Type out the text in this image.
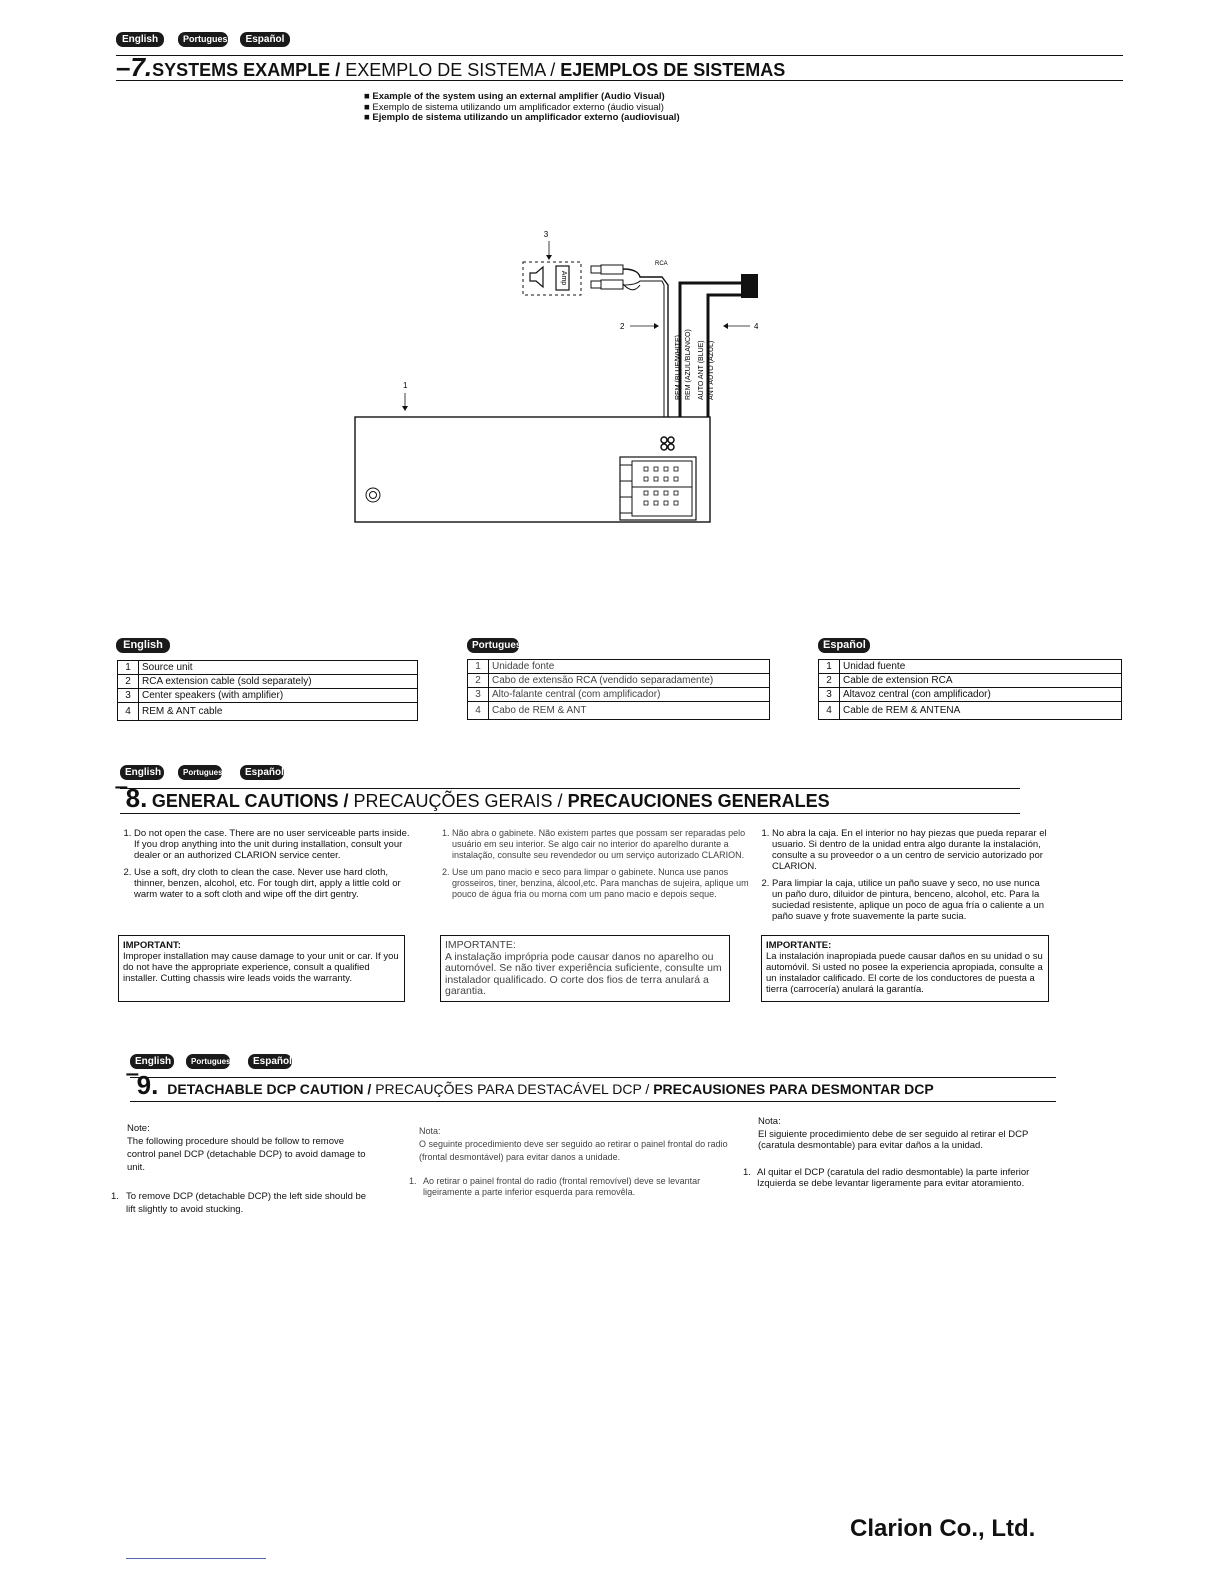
English	Portugues	Español
–7.SYSTEMS EXAMPLE / EXEMPLO DE SISTEMA / EJEMPLOS DE SISTEMAS
■ Example of the system using an external amplifier (Audio Visual)
■ Exemplo de sistema utilizando um amplificador externo (áudio visual)
■ Ejemplo de sistema utilizando un amplificador externo (audiovisual)
3
Amp
RCA
REM (BLUE/WHITE) REM (AZUL/BLANCO) AUTO ANT (BLUE) ANT AUTO (AZUL)
2	4
1
English	Portugues	Español
1	Source unit
2	RCA extension cable (sold separately)
3	Center speakers (with amplifier)
4	REM & ANT cable
1	Unidade fonte
2	Cabo de extensão RCA (vendido separadamente)
3	Alto-falante central (com amplificador)
4	Cabo de REM & ANT
1	Unidad fuente
2	Cable de extension RCA
3	Altavoz central (con amplificador)
4	Cable de REM & ANTENA
English	Portugues	Español
‾8. GENERAL CAUTIONS / PRECAUÇÕES GERAIS / PRECAUCIONES GENERALES
1. Do not open the case. There are no user serviceable parts inside. If you drop anything into the unit during installation, consult your dealer or an authorized CLARION service center.
2. Use a soft, dry cloth to clean the case. Never use hard cloth, thinner, benzen, alcohol, etc. For tough dirt, apply a little cold or warm water to a soft cloth and wipe off the dirt gentry.
1. Não abra o gabinete. Não existem partes que possam ser reparadas pelo usuário em seu interior. Se algo cair no interior do aparelho durante a instalação, consulte seu revendedor ou um serviço autorizado CLARION.
2. Use um pano macio e seco para limpar o gabinete. Nunca use panos grosseiros, tiner, benzina, álcool,etc. Para manchas de sujeira, aplique um pouco de água fria ou morna com um pano macio e depois seque.
1. No abra la caja. En el interior no hay piezas que pueda reparar el usuario. Si dentro de la unidad entra algo durante la instalación, consulte a su proveedor o a un centro de servicio autorizado por CLARION.
2. Para limpiar la caja, utilice un paño suave y seco, no use nunca un paño duro, diluidor de pintura, benceno, alcohol, etc. Para la suciedad resistente, aplique un poco de agua fría o caliente a un paño suave y frote suavemente la parte sucia.
IMPORTANT:
Improper installation may cause damage to your unit or car. If you do not have the appropriate experience, consult a qualified installer. Cutting chassis wire leads voids the warranty.
IMPORTANTE:
A instalação imprópria pode causar danos no aparelho ou automóvel. Se não tiver experiência suficiente, consulte um instalador qualificado. O corte dos fios de terra anulará a garantia.
IMPORTANTE:
La instalación inapropiada puede causar daños en su unidad o su automóvil. Si usted no posee la experiencia apropiada, consulte a un instalador calificado. El corte de los conductores de puesta a tierra (carrocería) anulará la garantía.
English	Portugues	Español
‾9. DETACHABLE DCP CAUTION / PRECAUÇÕES PARA DESTACÁVEL DCP / PRECAUSIONES PARA DESMONTAR DCP
Note:
The following procedure should be follow to remove control panel DCP (detachable DCP) to avoid damage to unit.
1. To remove DCP (detachable DCP) the left side should be lift slightly to avoid stucking.
Nota:
O seguinte procedimiento deve ser seguido ao retirar o painel frontal do radio (frontal desmontável) para evitar danos a unidade.
1. Ao retirar o painel frontal do radio (frontal removível) deve se levantar ligeiramente a parte inferior esquerda para removêla.
Nota:
El siguiente procedimiento debe de ser seguido al retirar el DCP (caratula desmontable) para evitar daños a la unidad.
1. Al quitar el DCP (caratula del radio desmontable) la parte inferior Izquierda se debe levantar ligeramente para evitar atoramiento.
Clarion Co., Ltd.
